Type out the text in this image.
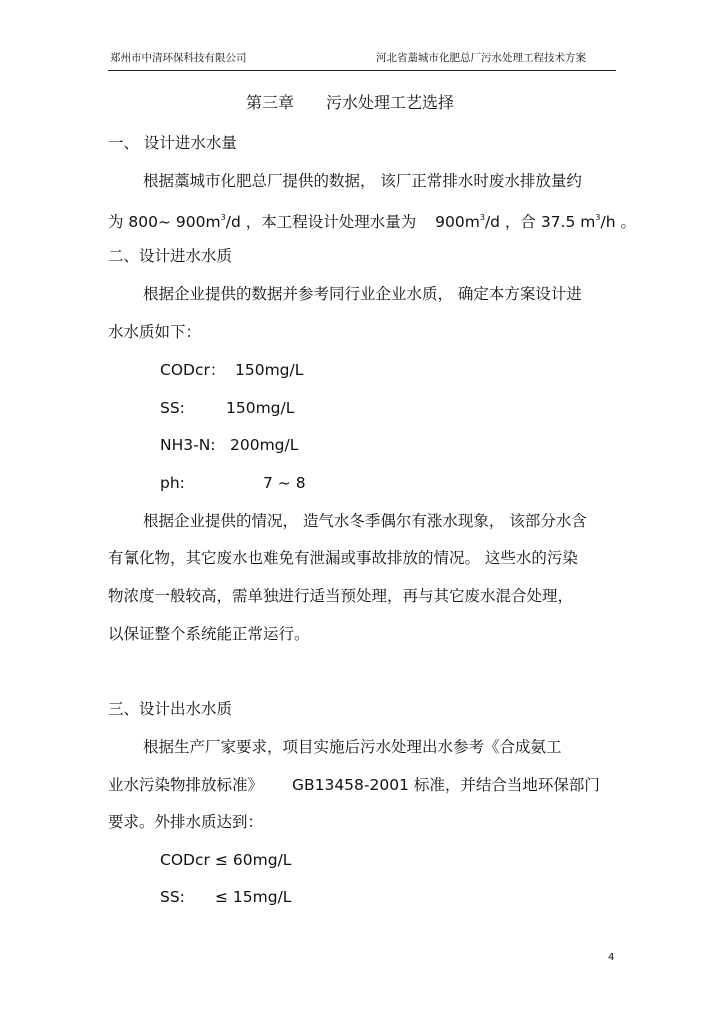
郑州市中清环保科技有限公司	河北省藁城市化肥总厂污水处理工程技术方案
第三章 污水处理工艺选择
一、 设计进水水量
根据藁城市化肥总厂提供的数据， 该厂正常排水时废水排放量约
为 800~ $900m^3/d$ ，本工程设计处理水量为 $900m^3/d$ ，合 37.5 $m^3/h$ 。
二、设计进水水质
根据企业提供的数据并参考同行业企业水质， 确定本方案设计进
水水质如下：
CODcr： 150mg/L
SS:	150mg/L
NH3-N: 200mg/L
ph:	7 ~ 8
根据企业提供的情况， 造气水冬季偶尔有涨水现象， 该部分水含
有氰化物，其它废水也难免有泄漏或事故排放的情况。 这些水的污染
物浓度一般较高，需单独进行适当预处理，再与其它废水混合处理，
以保证整个系统能正常运行。
三、设计出水水质
根据生产厂家要求，项目实施后污水处理出水参考《合成氨工
业水污染物排放标准》 GB13458-2001 标准，并结合当地环保部门
要求。外排水质达到：
CODcr ≤ 60mg/L
SS: ≤ 15mg/L
4
